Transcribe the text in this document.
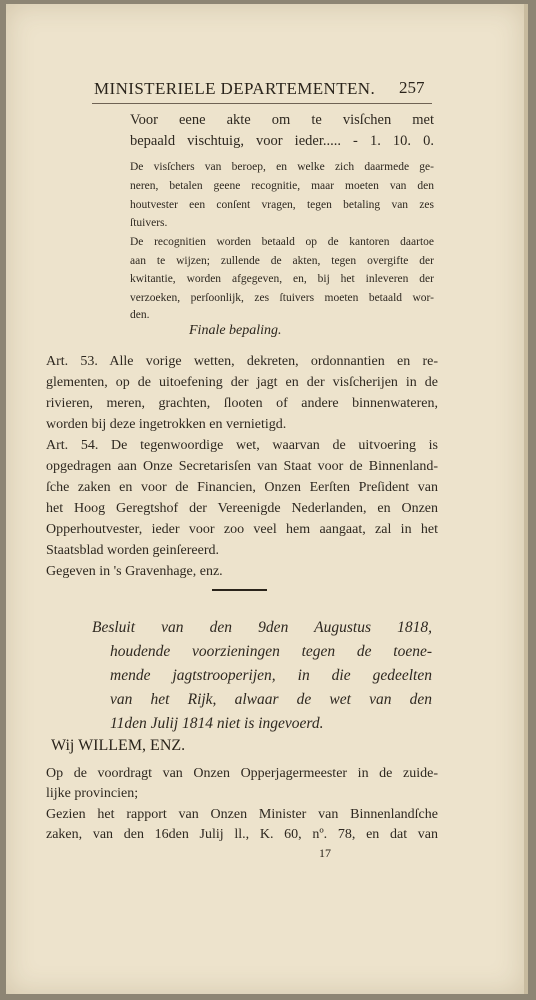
MINISTERIELE DEPARTEMENTEN. 257
Voor eene akte om te visſchen met
bepaald vischtuig, voor ieder..... - 1. 10. 0.
De visſchers van beroep, en welke zich daarmede ge-
neren, betalen geene recognitie, maar moeten van den
houtvester een conſent vragen, tegen betaling van zes
ſtuivers.
De recognitien worden betaald op de kantoren daartoe
aan te wijzen; zullende de akten, tegen overgifte der
kwitantie, worden afgegeven, en, bij het inleveren der
verzoeken, perſoonlijk, zes ſtuivers moeten betaald wor-
den.
Finale bepaling.
Art. 53. Alle vorige wetten, dekreten, ordonnantien en re-
glementen, op de uitoefening der jagt en der visſcherijen in de
rivieren, meren, grachten, ſlooten of andere binnenwateren,
worden bij deze ingetrokken en vernietigd.
Art. 54. De tegenwoordige wet, waarvan de uitvoering is
opgedragen aan Onze Secretarisſen van Staat voor de Binnenland-
ſche zaken en voor de Financien, Onzen Eerſten Preſident van
het Hoog Geregtshof der Vereenigde Nederlanden, en Onzen
Opperhoutvester, ieder voor zoo veel hem aangaat, zal in het
Staatsblad worden geinſereerd.
Gegeven in 's Gravenhage, enz.
Besluit van den 9den Augustus 1818,
houdende voorzieningen tegen de toene-
mende jagtstrooperijen, in die gedeelten
van het Rijk, alwaar de wet van den
11den Julij 1814 niet is ingevoerd.
Wij WILLEM, ENZ.
Op de voordragt van Onzen Opperjagermeester in de zuide-
lijke provincien;
Gezien het rapport van Onzen Minister van Binnenlandſche
zaken, van den 16den Julij ll., K. 60, nº. 78, en dat van
17
